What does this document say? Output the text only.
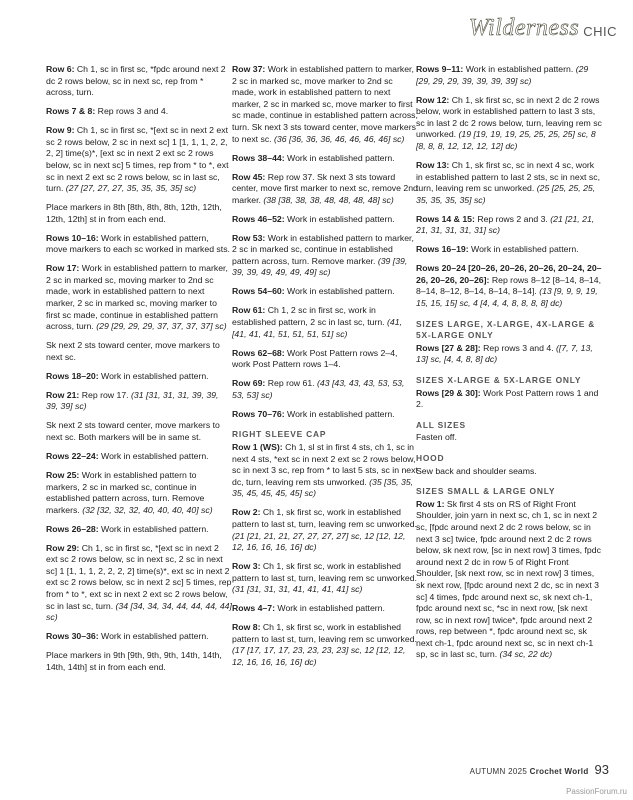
Wilderness CHIC

Row 6: Ch 1, sc in first sc, *fpdc around next 2 dc 2 rows below, sc in next sc, rep from * across, turn.

Rows 7 & 8: Rep rows 3 and 4.

Row 9: Ch 1, sc in first sc, *[ext sc in next 2 ext sc 2 rows below, 2 sc in next sc] 1 [1, 1, 1, 2, 2, 2, 2] time(s)*, [ext sc in next 2 ext sc 2 rows below, sc in next sc] 5 times, rep from * to *, ext sc in next 2 ext sc 2 rows below, sc in last sc, turn. (27 [27, 27, 27, 35, 35, 35, 35] sc)

Place markers in 8th [8th, 8th, 8th, 12th, 12th, 12th, 12th] st in from each end.

Rows 10–16: Work in established pattern, move markers to each sc worked in marked sts.

Row 17: Work in established pattern to marker, 2 sc in marked sc, moving marker to 2nd sc made, work in established pattern to next marker, 2 sc in marked sc, moving marker to first sc made, continue in established pattern across, turn. (29 [29, 29, 29, 37, 37, 37, 37] sc)

Sk next 2 sts toward center, move markers to next sc.

Rows 18–20: Work in established pattern.

Row 21: Rep row 17. (31 [31, 31, 31, 39, 39, 39, 39] sc)

Sk next 2 sts toward center, move markers to next sc. Both markers will be in same st.

Rows 22–24: Work in established pattern.

Row 25: Work in established pattern to markers, 2 sc in marked sc, continue in established pattern across, turn. Remove markers. (32 [32, 32, 32, 40, 40, 40, 40] sc)

Rows 26–28: Work in established pattern.

Row 29: Ch 1, sc in first sc, *[ext sc in next 2 ext sc 2 rows below, sc in next sc, 2 sc in next sc] 1 [1, 1, 1, 2, 2, 2, 2] time(s)*, ext sc in next 2 ext sc 2 rows below, sc in next 2 sc] 5 times, rep from * to *, ext sc in next 2 ext sc 2 rows below, sc in last sc, turn. (34 [34, 34, 34, 44, 44, 44, 44] sc)

Rows 30–36: Work in established pattern.

Place markers in 9th [9th, 9th, 9th, 14th, 14th, 14th, 14th] st in from each end.

Row 37: Work in established pattern to marker, 2 sc in marked sc, move marker to 2nd sc made, work in established pattern to next marker, 2 sc in marked sc, move marker to first sc made, continue in established pattern across, turn. Sk next 3 sts toward center, move markers to next sc. (36 [36, 36, 36, 46, 46, 46, 46] sc)

Rows 38–44: Work in established pattern.

Row 45: Rep row 37. Sk next 3 sts toward center, move first marker to next sc, remove 2nd marker. (38 [38, 38, 38, 48, 48, 48, 48] sc)

Rows 46–52: Work in established pattern.

Row 53: Work in established pattern to marker, 2 sc in marked sc, continue in established pattern across, turn. Remove marker. (39 [39, 39, 39, 49, 49, 49, 49] sc)

Rows 54–60: Work in established pattern.

Row 61: Ch 1, 2 sc in first sc, work in established pattern, 2 sc in last sc, turn. (41, [41, 41, 41, 51, 51, 51, 51] sc)

Rows 62–68: Work Post Pattern rows 2–4, work Post Pattern rows 1–4.

Row 69: Rep row 61. (43 [43, 43, 43, 53, 53, 53, 53] sc)

Rows 70–76: Work in established pattern.

RIGHT SLEEVE CAP

Row 1 (WS): Ch 1, sl st in first 4 sts, ch 1, sc in next 4 sts, *ext sc in next 2 ext sc 2 rows below, sc in next 3 sc, rep from * to last 5 sts, sc in next dc, turn, leaving rem sts unworked. (35 [35, 35, 35, 45, 45, 45, 45] sc)

Row 2: Ch 1, sk first sc, work in established pattern to last st, turn, leaving rem sc unworked. (21 [21, 21, 21, 27, 27, 27, 27] sc, 12 [12, 12, 12, 16, 16, 16, 16] dc)

Row 3: Ch 1, sk first sc, work in established pattern to last st, turn, leaving rem sc unworked. (31 [31, 31, 31, 41, 41, 41, 41] sc)

Rows 4–7: Work in established pattern.

Row 8: Ch 1, sk first sc, work in established pattern to last st, turn, leaving rem sc unworked. (17 [17, 17, 17, 23, 23, 23, 23] sc, 12 [12, 12, 12, 16, 16, 16, 16] dc)

Rows 9–11: Work in established pattern. (29 [29, 29, 29, 39, 39, 39, 39] sc)

Row 12: Ch 1, sk first sc, sc in next 2 dc 2 rows below, work in established pattern to last 3 sts, sc in last 2 dc 2 rows below, turn, leaving rem sc unworked. (19 [19, 19, 19, 25, 25, 25, 25] sc, 8 [8, 8, 8, 12, 12, 12, 12] dc)

Row 13: Ch 1, sk first sc, sc in next 4 sc, work in established pattern to last 2 sts, sc in next sc, turn, leaving rem sc unworked. (25 [25, 25, 25, 35, 35, 35, 35] sc)

Rows 14 & 15: Rep rows 2 and 3. (21 [21, 21, 21, 31, 31, 31, 31] sc)

Rows 16–19: Work in established pattern.

Rows 20–24 [20–26, 20–26, 20–26, 20–24, 20–26, 20–26, 20–26]: Rep rows 8–12 [8–14, 8–14, 8–14, 8–12, 8–14, 8–14, 8–14]. (13 [9, 9, 9, 19, 15, 15, 15] sc, 4 [4, 4, 4, 8, 8, 8, 8] dc)

SIZES LARGE, X-LARGE, 4X-LARGE & 5X-LARGE ONLY

Rows [27 & 28]: Rep rows 3 and 4. ([7, 7, 13, 13] sc, [4, 4, 8, 8] dc)

SIZES X-LARGE & 5X-LARGE ONLY

Rows [29 & 30]: Work Post Pattern rows 1 and 2.

ALL SIZES

Fasten off.

HOOD

Sew back and shoulder seams.

SIZES SMALL & LARGE ONLY

Row 1: Sk first 4 sts on RS of Right Front Shoulder, join yarn in next sc, ch 1, sc in next 2 sc, [fpdc around next 2 dc 2 rows below, sc in next 3 sc] twice, fpdc around next 2 dc 2 rows below, sk next row, [sc in next row] 3 times, fpdc around next 2 dc in row 5 of Right Front Shoulder, [sk next row, sc in next row] 3 times, sk next row, [fpdc around next 2 dc, sc in next 3 sc] 4 times, fpdc around next sc, sk next ch-1, fpdc around next sc, *sc in next row, [sk next row, sc in next row] twice*, fpdc around next 2 rows, rep between *, fpdc around next sc, sk next ch-1, fpdc around next sc, sc in next ch-1 sp, sc in last sc, turn. (34 sc, 22 dc)

AUTUMN 2025 Crochet World 93
PassionForum.ru
